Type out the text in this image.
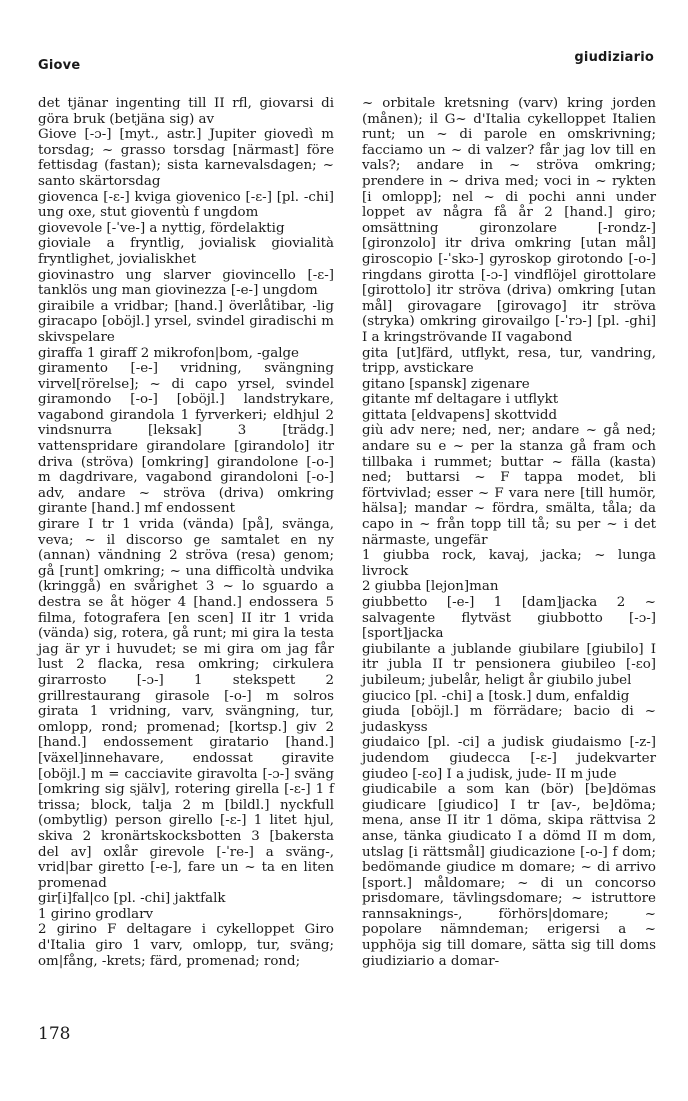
Giove
giudiziario

det tjänar ingenting till II rfl, giovarsi di göra bruk (betjäna sig) av

Giove [-ɔ-] [myt., astr.] Jupiter giovedì m torsdag; ~ grasso torsdag [närmast] före fettisdag (fastan); sista karnevalsdagen; ~ santo skärtorsdag

giovenca [-ɛ-] kviga giovenico [-ɛ-] [pl. -chi] ung oxe, stut gioventù f ungdom

giovevole [-ˈve-] a nyttig, fördelaktig

gioviale a fryntlig, jovialisk giovialità fryntlighet, jovialiskhet

giovinastro ung slarver giovincello [-ɛ-] tanklös ung man giovinezza [-e-] ungdom

giraibile a vridbar; [hand.] överlåtibar, -lig giracapo [oböjl.] yrsel, svindel giradischi m skivspelare

giraffa 1 giraff 2 mikrofon|bom, -galge

giramento [-e-] vridning, svängning virvel[rörelse]; ~ di capo yrsel, svindel giramondo [-o-] [oböjl.] landstrykare, vagabond girandola 1 fyrverkeri; eldhjul 2 vindsnurra [leksak] 3 [trädg.] vattenspridare girandolare [girandolo] itr driva (ströva) [omkring] girandolone [-o-] m dagdrivare, vagabond girandoloni [-o-] adv, andare ~ ströva (driva) omkring girante [hand.] mf endossent

girare I tr 1 vrida (vända) [på], svänga, veva; ~ il discorso ge samtalet en ny (annan) vändning 2 ströva (resa) genom; gå [runt] omkring; ~ una difficoltà undvika (kringgå) en svårighet 3 ~ lo sguardo a destra se åt höger 4 [hand.] endossera 5 filma, fotografera [en scen] II itr 1 vrida (vända) sig, rotera, gå runt; mi gira la testa jag är yr i huvudet; se mi gira om jag får lust 2 flacka, resa omkring; cirkulera girarrosto [-ɔ-] 1 stekspett 2 grillrestaurang girasole [-o-] m solros girata 1 vridning, varv, svängning, tur, omlopp, rond; promenad; [kortsp.] giv 2 [hand.] endossement giratario [hand.] [växel]innehavare, endossat giravite [oböjl.] m = cacciavite giravolta [-ɔ-] sväng [omkring sig själv], rotering girella [-ɛ-] 1 f trissa; block, talja 2 m [bildl.] nyckfull (ombytlig) person girello [-ɛ-] 1 litet hjul, skiva 2 kronärtskocksbotten 3 [bakersta del av] oxlår girevole [-ˈre-] a sväng-, vrid|bar giretto [-e-], fare un ~ ta en liten promenad

gir[i]fal|co [pl. -chi] jaktfalk

1 girino grodlarv

2 girino F deltagare i cykelloppet Giro d'Italia giro 1 varv, omlopp, tur, sväng; om|fång, -krets; färd, promenad; rond;

~ orbitale kretsning (varv) kring jorden (månen); il G~ d'Italia cykelloppet Italien runt; un ~ di parole en omskrivning; facciamo un ~ di valzer? får jag lov till en vals?; andare in ~ ströva omkring; prendere in ~ driva med; voci in ~ rykten [i omlopp]; nel ~ di pochi anni under loppet av några få år 2 [hand.] giro; omsättning gironzolare [-rondz-] [gironzolo] itr driva omkring [utan mål] giroscopio [-ˈskɔ-] gyroskop girotondo [-o-] ringdans girotta [-ɔ-] vindflöjel girottolare [girottolo] itr ströva (driva) omkring [utan mål] girovagare [girovago] itr ströva (stryka) omkring girovailgo [-ˈrɔ-] [pl. -ghi] I a kringströvande II vagabond

gita [ut]färd, utflykt, resa, tur, vandring, tripp, avstickare

gitano [spansk] zigenare

gitante mf deltagare i utflykt

gittata [eldvapens] skottvidd

giù adv nere; ned, ner; andare ~ gå ned; andare su e ~ per la stanza gå fram och tillbaka i rummet; buttar ~ fälla (kasta) ned; buttarsi ~ F tappa modet, bli förtvivlad; esser ~ F vara nere [till humör, hälsa]; mandar ~ fördra, smälta, tåla; da capo in ~ från topp till tå; su per ~ i det närmaste, ungefär

1 giubba rock, kavaj, jacka; ~ lunga livrock

2 giubba [lejon]man

giubbetto [-e-] 1 [dam]jacka 2 ~ salvagente flytväst giubbotto [-ɔ-] [sport]jacka

giubilante a jublande giubilare [giubilo] I itr jubla II tr pensionera giubileo [-ɛo] jubileum; jubelår, heligt år giubilo jubel

giucico [pl. -chi] a [tosk.] dum, enfaldig

giuda [oböjl.] m förrädare; bacio di ~ judaskyss

giudaico [pl. -ci] a judisk giudaismo [-z-] judendom giudecca [-ɛ-] judekvarter giudeo [-ɛo] I a judisk, jude- II m jude

giudicabile a som kan (bör) [be]dömas giudicare [giudico] I tr [av-, be]döma; mena, anse II itr 1 döma, skipa rättvisa 2 anse, tänka giudicato I a dömd II m dom, utslag [i rättsmål] giudicazione [-o-] f dom; bedömande giudice m domare; ~ di arrivo [sport.] måldomare; ~ di un concorso prisdomare, tävlingsdomare; ~ istruttore rannsaknings-, förhörs|domare; ~ popolare nämndeman; erigersi a ~ upphöja sig till domare, sätta sig till doms giudiziario a domar-

178
